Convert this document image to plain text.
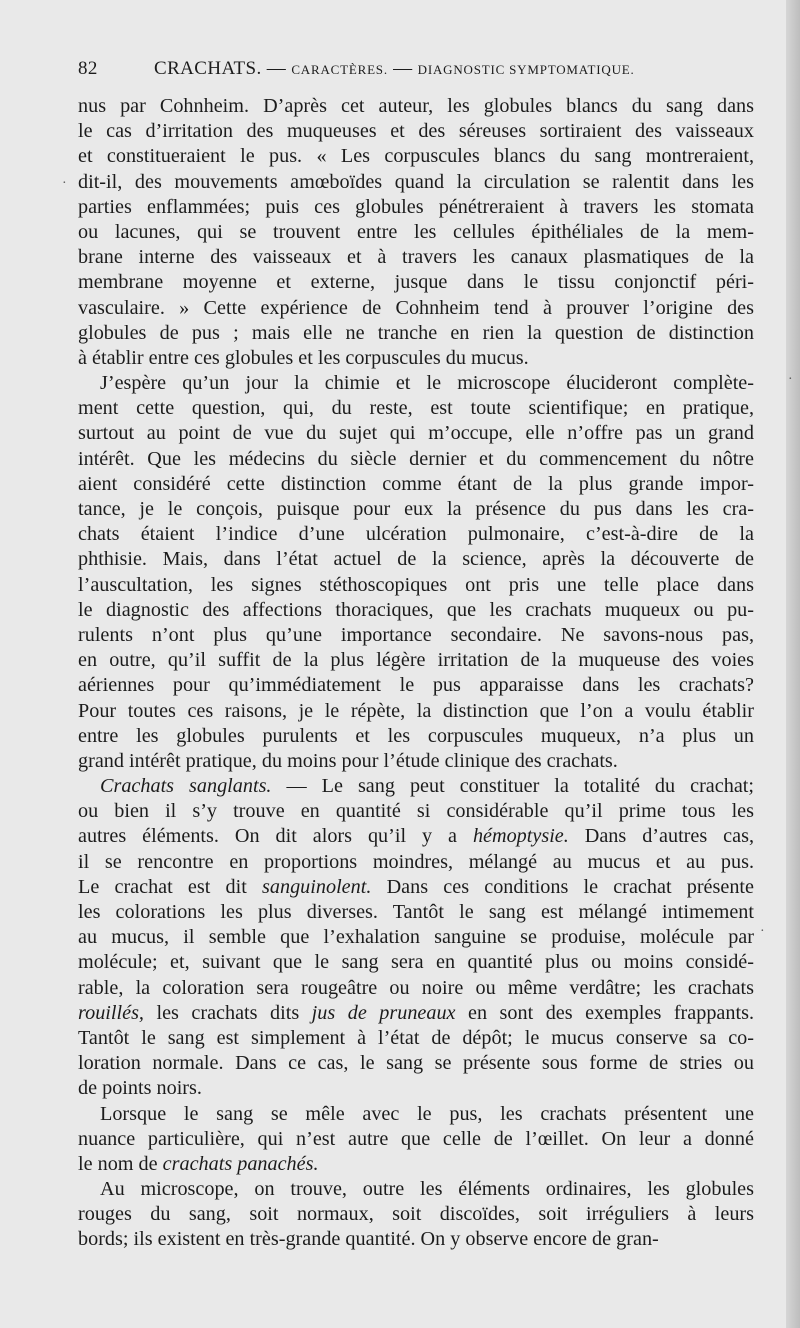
82	CRACHATS. — CARACTÈRES. — DIAGNOSTIC SYMPTOMATIQUE.
nus par Cohnheim. D’après cet auteur, les globules blancs du sang dans
le cas d’irritation des muqueuses et des séreuses sortiraient des vaisseaux
et constitueraient le pus. « Les corpuscules blancs du sang montreraient,
dit-il, des mouvements amœboïdes quand la circulation se ralentit dans les
parties enflammées; puis ces globules pénétreraient à travers les stomata
ou lacunes, qui se trouvent entre les cellules épithéliales de la mem-
brane interne des vaisseaux et à travers les canaux plasmatiques de la
membrane moyenne et externe, jusque dans le tissu conjonctif péri-
vasculaire. » Cette expérience de Cohnheim tend à prouver l’origine des
globules de pus ; mais elle ne tranche en rien la question de distinction
à établir entre ces globules et les corpuscules du mucus.
J’espère qu’un jour la chimie et le microscope élucideront complète-
ment cette question, qui, du reste, est toute scientifique; en pratique,
surtout au point de vue du sujet qui m’occupe, elle n’offre pas un grand
intérêt. Que les médecins du siècle dernier et du commencement du nôtre
aient considéré cette distinction comme étant de la plus grande impor-
tance, je le conçois, puisque pour eux la présence du pus dans les cra-
chats étaient l’indice d’une ulcération pulmonaire, c’est-à-dire de la
phthisie. Mais, dans l’état actuel de la science, après la découverte de
l’auscultation, les signes stéthoscopiques ont pris une telle place dans
le diagnostic des affections thoraciques, que les crachats muqueux ou pu-
rulents n’ont plus qu’une importance secondaire. Ne savons-nous pas,
en outre, qu’il suffit de la plus légère irritation de la muqueuse des voies
aériennes pour qu’immédiatement le pus apparaisse dans les crachats?
Pour toutes ces raisons, je le répète, la distinction que l’on a voulu établir
entre les globules purulents et les corpuscules muqueux, n’a plus un
grand intérêt pratique, du moins pour l’étude clinique des crachats.
Crachats sanglants. — Le sang peut constituer la totalité du crachat;
ou bien il s’y trouve en quantité si considérable qu’il prime tous les
autres éléments. On dit alors qu’il y a hémoptysie. Dans d’autres cas,
il se rencontre en proportions moindres, mélangé au mucus et au pus.
Le crachat est dit sanguinolent. Dans ces conditions le crachat présente
les colorations les plus diverses. Tantôt le sang est mélangé intimement
au mucus, il semble que l’exhalation sanguine se produise, molécule par
molécule; et, suivant que le sang sera en quantité plus ou moins considé-
rable, la coloration sera rougeâtre ou noire ou même verdâtre; les crachats
rouillés, les crachats dits jus de pruneaux en sont des exemples frappants.
Tantôt le sang est simplement à l’état de dépôt; le mucus conserve sa co-
loration normale. Dans ce cas, le sang se présente sous forme de stries ou
de points noirs.
Lorsque le sang se mêle avec le pus, les crachats présentent une
nuance particulière, qui n’est autre que celle de l’œillet. On leur a donné
le nom de crachats panachés.
Au microscope, on trouve, outre les éléments ordinaires, les globules
rouges du sang, soit normaux, soit discoïdes, soit irréguliers à leurs
bords; ils existent en très-grande quantité. On y observe encore de gran-
·
·
·
